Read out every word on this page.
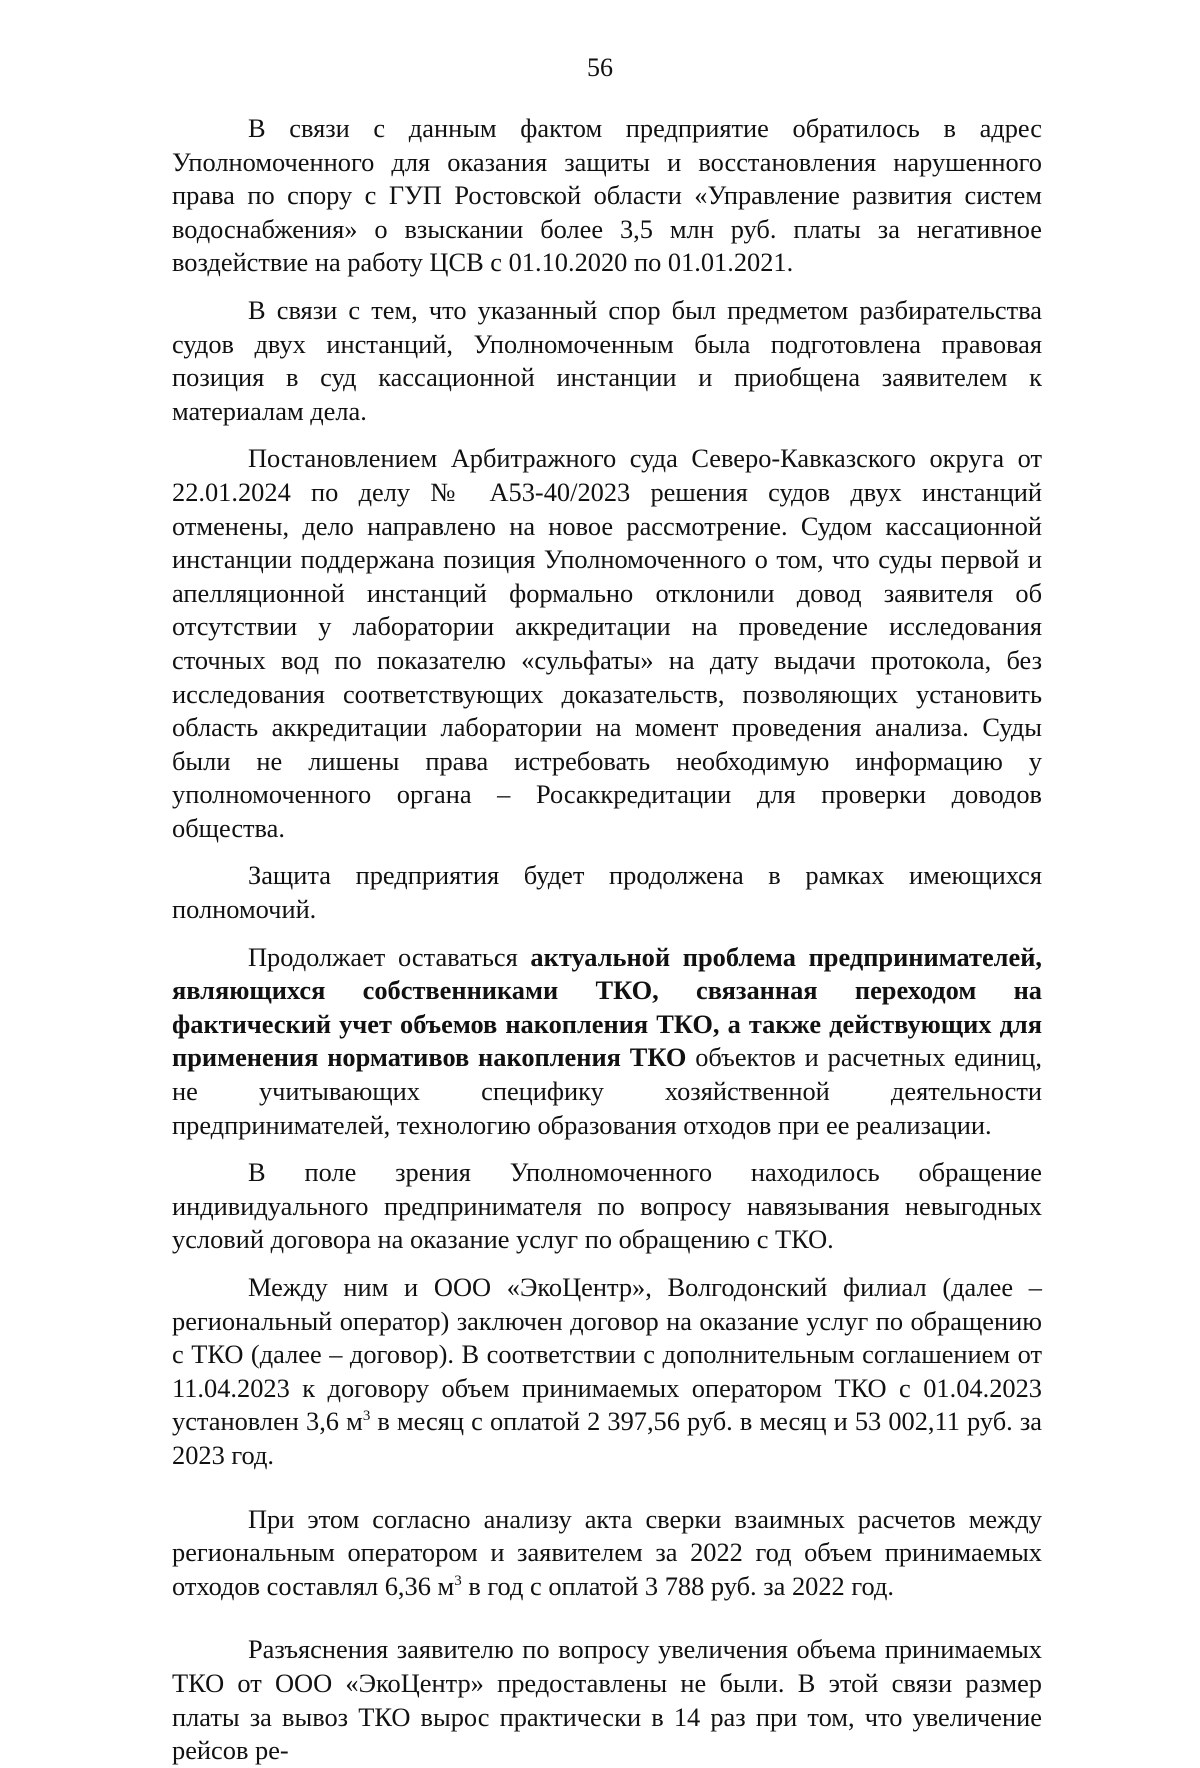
56

В связи с данным фактом предприятие обратилось в адрес Уполномоченного для оказания защиты и восстановления нарушенного права по спору с ГУП Ростовской области «Управление развития систем водоснабжения» о взыскании более 3,5 млн руб. платы за негативное воздействие на работу ЦСВ с 01.10.2020 по 01.01.2021.

В связи с тем, что указанный спор был предметом разбирательства судов двух инстанций, Уполномоченным была подготовлена правовая позиция в суд кассационной инстанции и приобщена заявителем к материалам дела.

Постановлением Арбитражного суда Северо-Кавказского округа от 22.01.2024 по делу № А53-40/2023 решения судов двух инстанций отменены, дело направлено на новое рассмотрение. Судом кассационной инстанции поддержана позиция Уполномоченного о том, что суды первой и апелляционной инстанций формально отклонили довод заявителя об отсутствии у лаборатории аккредитации на проведение исследования сточных вод по показателю «сульфаты» на дату выдачи протокола, без исследования соответствующих доказательств, позволяющих установить область аккредитации лаборатории на момент проведения анализа. Суды были не лишены права истребовать необходимую информацию у уполномоченного органа – Росаккредитации для проверки доводов общества.

Защита предприятия будет продолжена в рамках имеющихся полномочий.

Продолжает оставаться актуальной проблема предпринимателей, являющихся собственниками ТКО, связанная переходом на фактический учет объемов накопления ТКО, а также действующих для применения нормативов накопления ТКО объектов и расчетных единиц, не учитывающих специфику хозяйственной деятельности предпринимателей, технологию образования отходов при ее реализации.

В поле зрения Уполномоченного находилось обращение индивидуального предпринимателя по вопросу навязывания невыгодных условий договора на оказание услуг по обращению с ТКО.

Между ним и ООО «ЭкоЦентр», Волгодонский филиал (далее – региональный оператор) заключен договор на оказание услуг по обращению с ТКО (далее – договор). В соответствии с дополнительным соглашением от 11.04.2023 к договору объем принимаемых оператором ТКО с 01.04.2023 установлен 3,6 $м^3$ в месяц с оплатой 2 397,56 руб. в месяц и 53 002,11 руб. за 2023 год.

При этом согласно анализу акта сверки взаимных расчетов между региональным оператором и заявителем за 2022 год объем принимаемых отходов составлял 6,36 $м^3$ в год с оплатой 3 788 руб. за 2022 год.

Разъяснения заявителю по вопросу увеличения объема принимаемых ТКО от ООО «ЭкоЦентр» предоставлены не были. В этой связи размер платы за вывоз ТКО вырос практически в 14 раз при том, что увеличение рейсов ре-
